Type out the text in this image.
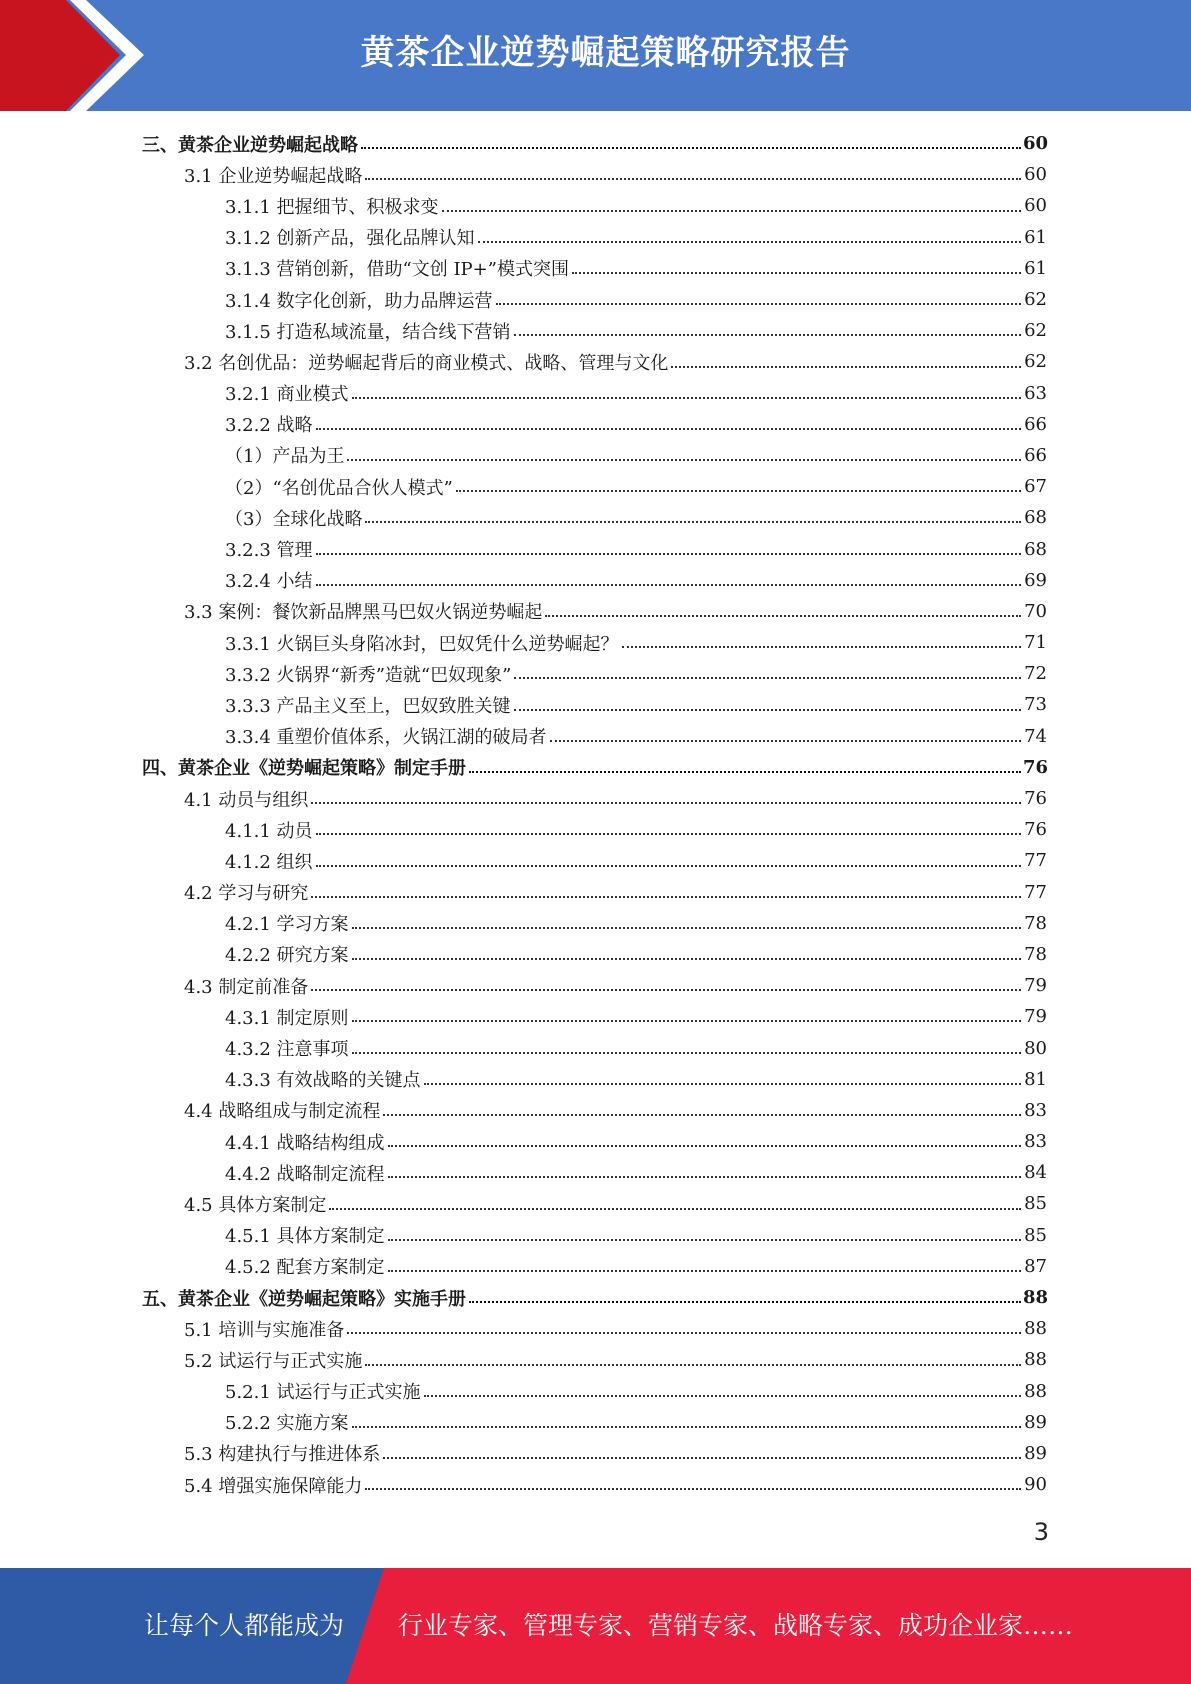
黄茶企业逆势崛起策略研究报告
三、黄茶企业逆势崛起战略	60
3.1 企业逆势崛起战略	60
3.1.1 把握细节、积极求变	60
3.1.2 创新产品，强化品牌认知	61
3.1.3 营销创新，借助“文创 IP+”模式突围	61
3.1.4 数字化创新，助力品牌运营	62
3.1.5 打造私域流量，结合线下营销	62
3.2 名创优品：逆势崛起背后的商业模式、战略、管理与文化	62
3.2.1 商业模式	63
3.2.2 战略	66
（1）产品为王	66
（2）“名创优品合伙人模式”	67
（3）全球化战略	68
3.2.3 管理	68
3.2.4 小结	69
3.3 案例：餐饮新品牌黑马巴奴火锅逆势崛起	70
3.3.1 火锅巨头身陷冰封，巴奴凭什么逆势崛起？	71
3.3.2 火锅界“新秀”造就“巴奴现象”	72
3.3.3 产品主义至上，巴奴致胜关键	73
3.3.4 重塑价值体系，火锅江湖的破局者	74
四、黄茶企业《逆势崛起策略》制定手册	76
4.1 动员与组织	76
4.1.1 动员	76
4.1.2 组织	77
4.2 学习与研究	77
4.2.1 学习方案	78
4.2.2 研究方案	78
4.3 制定前准备	79
4.3.1 制定原则	79
4.3.2 注意事项	80
4.3.3 有效战略的关键点	81
4.4 战略组成与制定流程	83
4.4.1 战略结构组成	83
4.4.2 战略制定流程	84
4.5 具体方案制定	85
4.5.1 具体方案制定	85
4.5.2 配套方案制定	87
五、黄茶企业《逆势崛起策略》实施手册	88
5.1 培训与实施准备	88
5.2 试运行与正式实施	88
5.2.1 试运行与正式实施	88
5.2.2 实施方案	89
5.3 构建执行与推进体系	89
5.4 增强实施保障能力	90
3
让每个人都能成为 行业专家、管理专家、营销专家、战略专家、成功企业家……
